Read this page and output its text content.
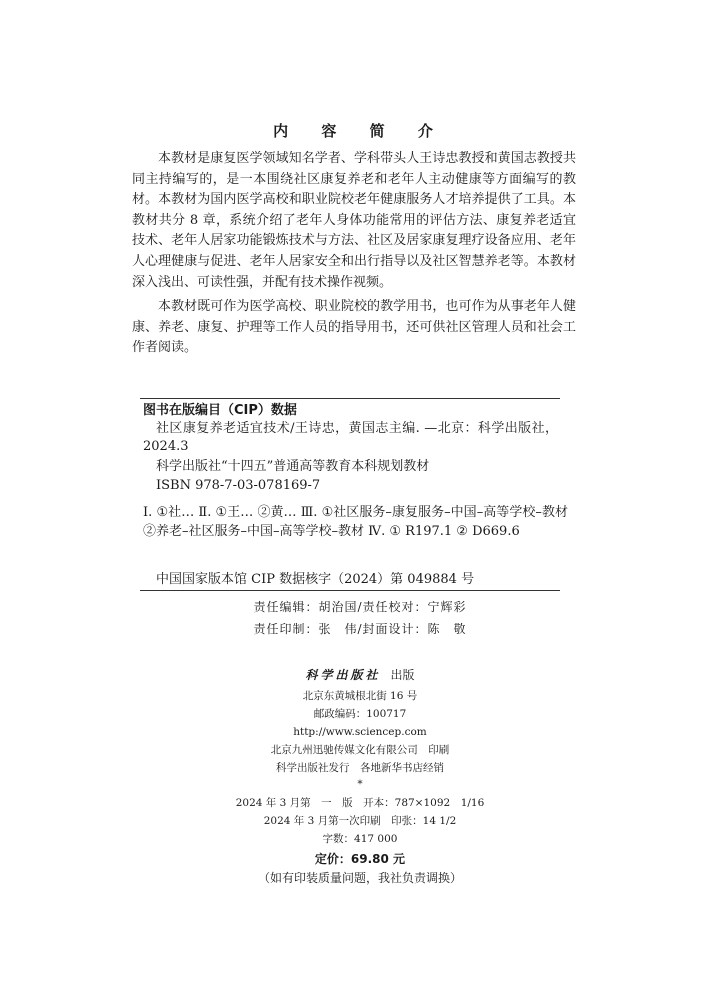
内 容 简 介

本教材是康复医学领域知名学者、学科带头人王诗忠教授和黄国志教授共同主持编写的，是一本围绕社区康复养老和老年人主动健康等方面编写的教材。本教材为国内医学高校和职业院校老年健康服务人才培养提供了工具。本教材共分 8 章，系统介绍了老年人身体功能常用的评估方法、康复养老适宜技术、老年人居家功能锻炼技术与方法、社区及居家康复理疗设备应用、老年人心理健康与促进、老年人居家安全和出行指导以及社区智慧养老等。本教材深入浅出、可读性强，并配有技术操作视频。

本教材既可作为医学高校、职业院校的教学用书，也可作为从事老年人健康、养老、康复、护理等工作人员的指导用书，还可供社区管理人员和社会工作者阅读。

图书在版编目（CIP）数据
社区康复养老适宜技术/王诗忠，黄国志主编. —北京：科学出版社，2024.3
科学出版社“十四五”普通高等教育本科规划教材
ISBN 978-7-03-078169-7
Ⅰ. ①社… Ⅱ. ①王… ②黄… Ⅲ. ①社区服务–康复服务–中国–高等学校–教材 ②养老–社区服务–中国–高等学校–教材 Ⅳ. ① R197.1 ② D669.6
中国国家版本馆 CIP 数据核字（2024）第 049884 号
责任编辑：胡治国/责任校对：宁辉彩
责任印制：张　伟/封面设计：陈　敬
科学出版社 出版
北京东黄城根北街 16 号
邮政编码：100717
http://www.sciencep.com
北京九州迅驰传媒文化有限公司　印刷
科学出版社发行　各地新华书店经销
*
2024 年 3 月第　一　版　开本：787×1092　1/16
2024 年 3 月第一次印刷　印张：14 1/2
字数：417 000
定价：69.80 元
（如有印装质量问题，我社负责调换）
